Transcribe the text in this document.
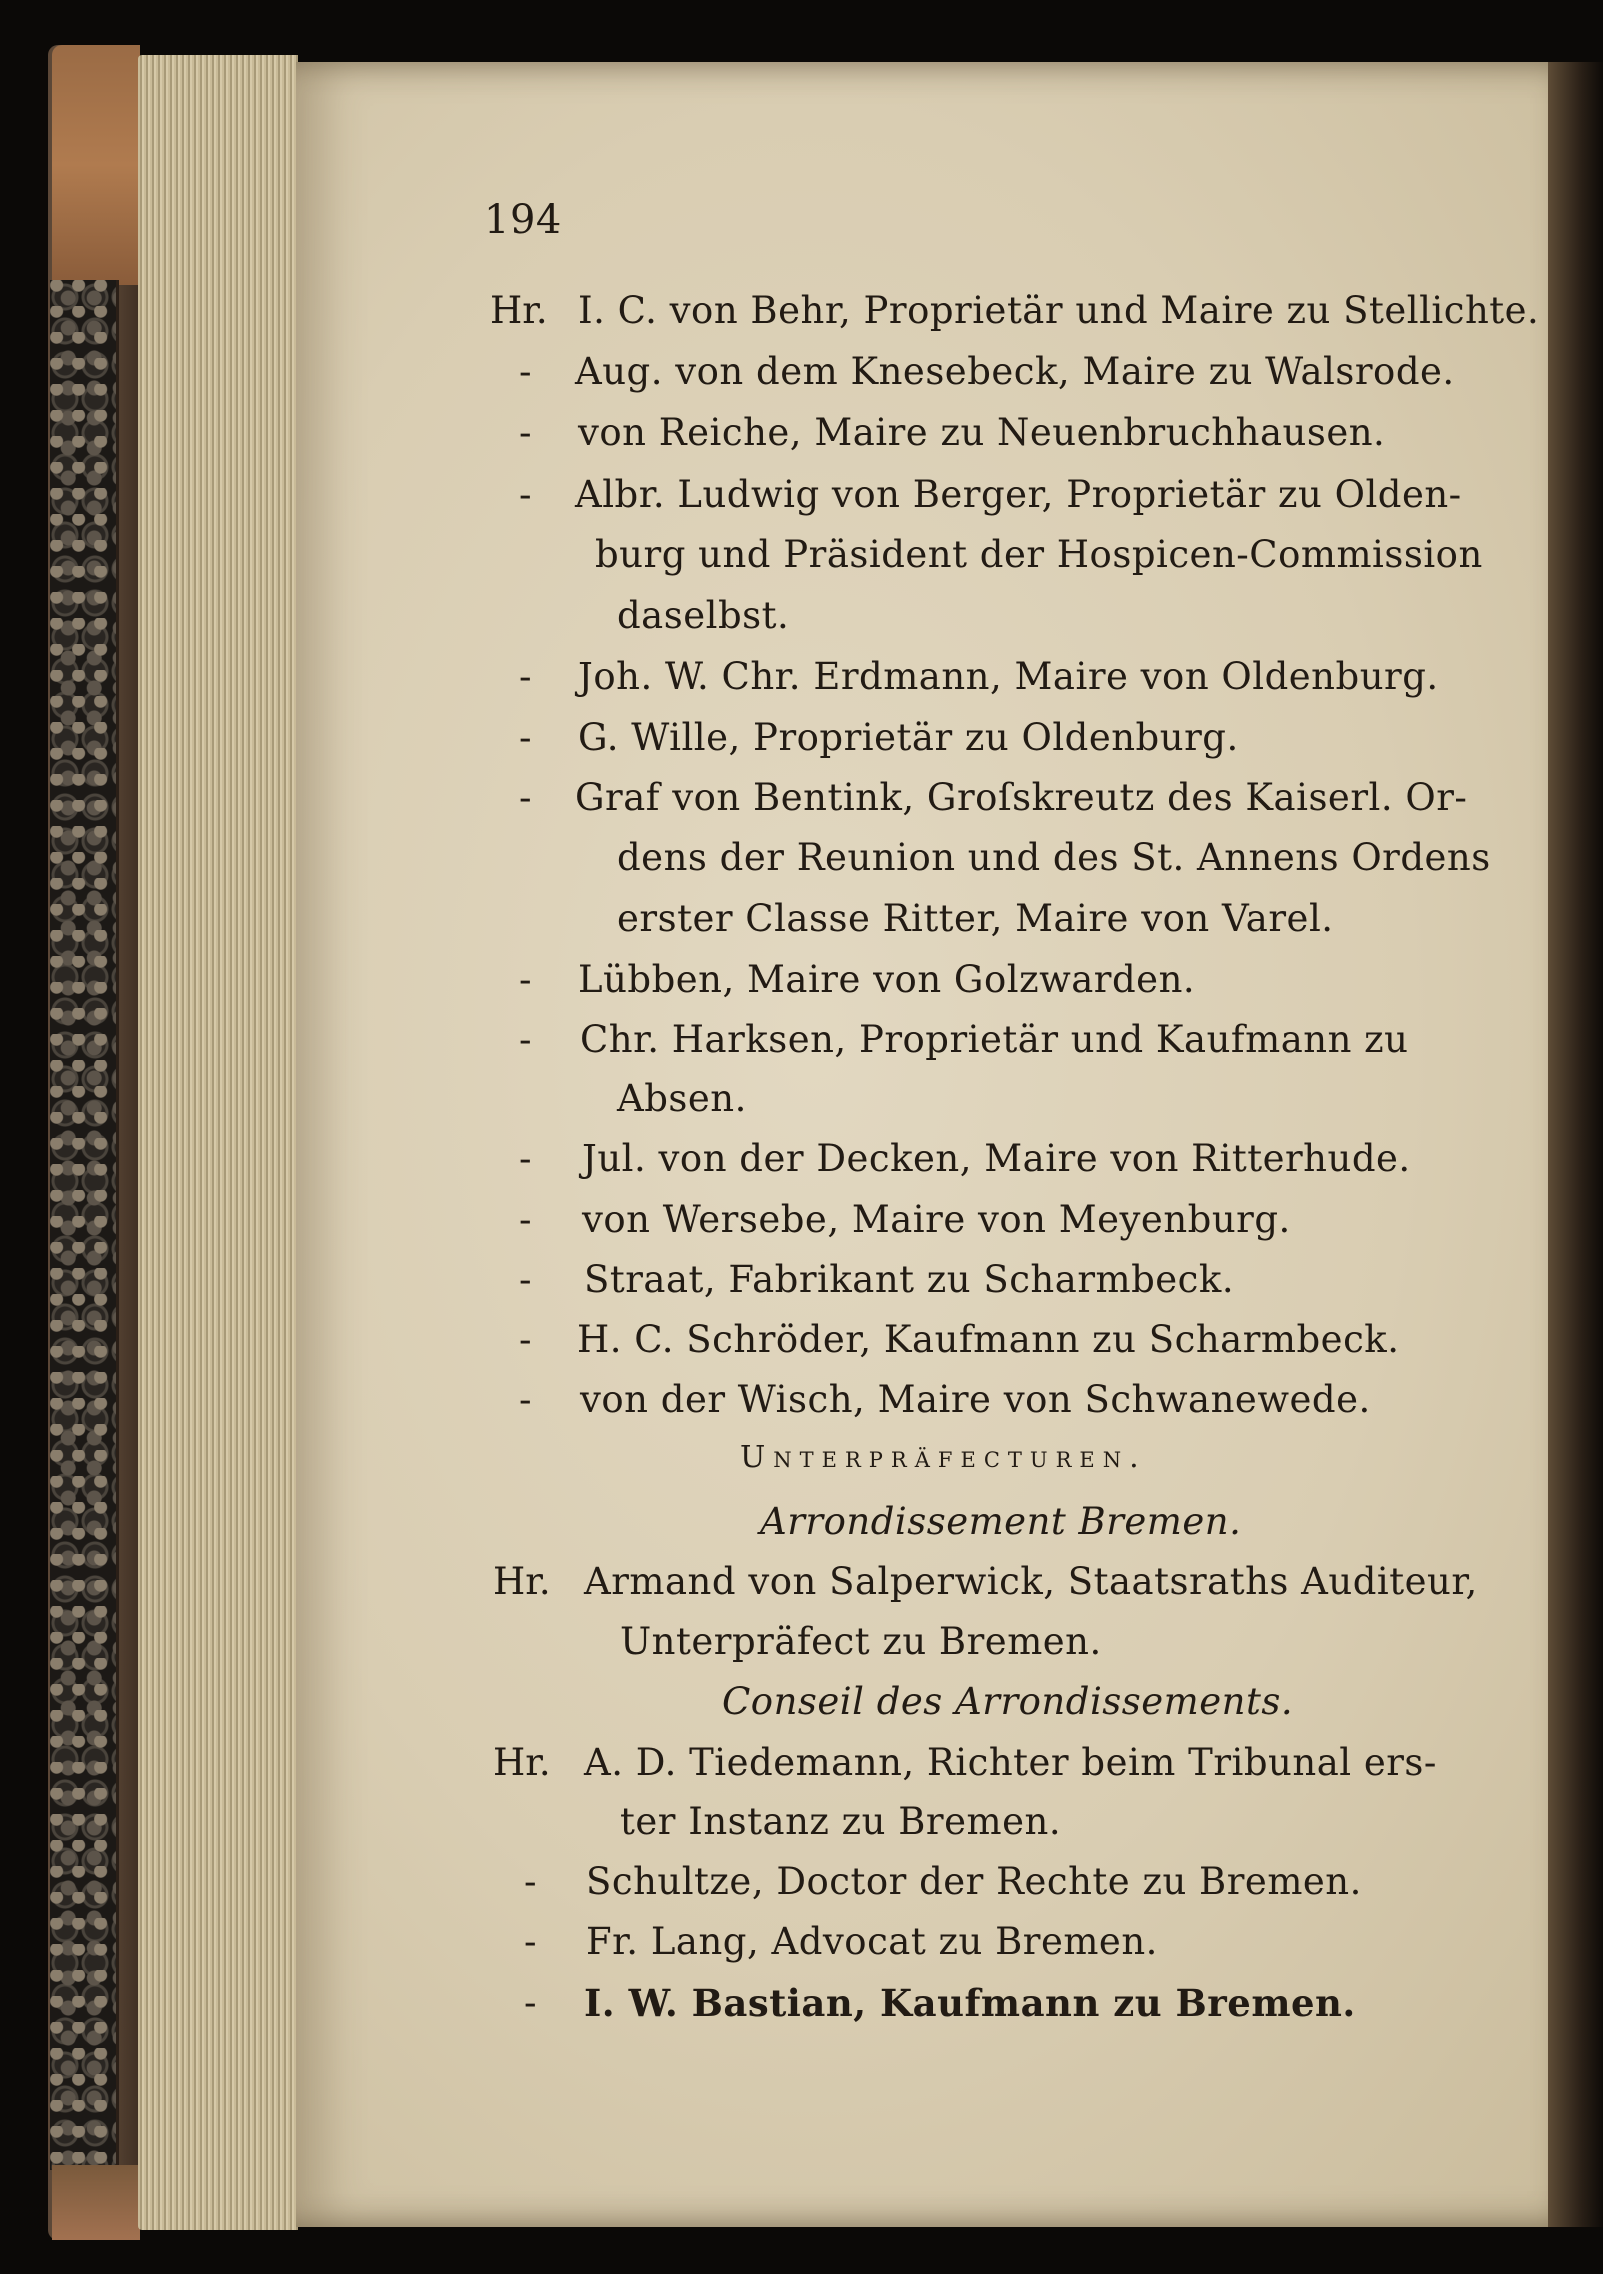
194
Hr. I. C. von Behr, Proprietär und Maire zu Stellichte.
- Aug. von dem Knesebeck, Maire zu Walsrode.
- von Reiche, Maire zu Neuenbruchhausen.
- Albr. Ludwig von Berger, Proprietär zu Olden-
burg und Präsident der Hospicen-Commission
daselbst.
- Joh. W. Chr. Erdmann, Maire von Oldenburg.
- G. Wille, Proprietär zu Oldenburg.
- Graf von Bentink, Groſskreutz des Kaiserl. Or-
dens der Reunion und des St. Annens Ordens
erster Classe Ritter, Maire von Varel.
- Lübben, Maire von Golzwarden.
- Chr. Harksen, Proprietär und Kaufmann zu
Absen.
- Jul. von der Decken, Maire von Ritterhude.
- von Wersebe, Maire von Meyenburg.
- Straat, Fabrikant zu Scharmbeck.
- H. C. Schröder, Kaufmann zu Scharmbeck.
- von der Wisch, Maire von Schwanewede.
Unterpräfecturen.
Arrondissement Bremen.
Hr. Armand von Salperwick, Staatsraths Auditeur,
Unterpräfect zu Bremen.
Conseil des Arrondissements.
Hr. A. D. Tiedemann, Richter beim Tribunal ers-
ter Instanz zu Bremen.
- Schultze, Doctor der Rechte zu Bremen.
- Fr. Lang, Advocat zu Bremen.
- I. W. Bastian, Kaufmann zu Bremen.
